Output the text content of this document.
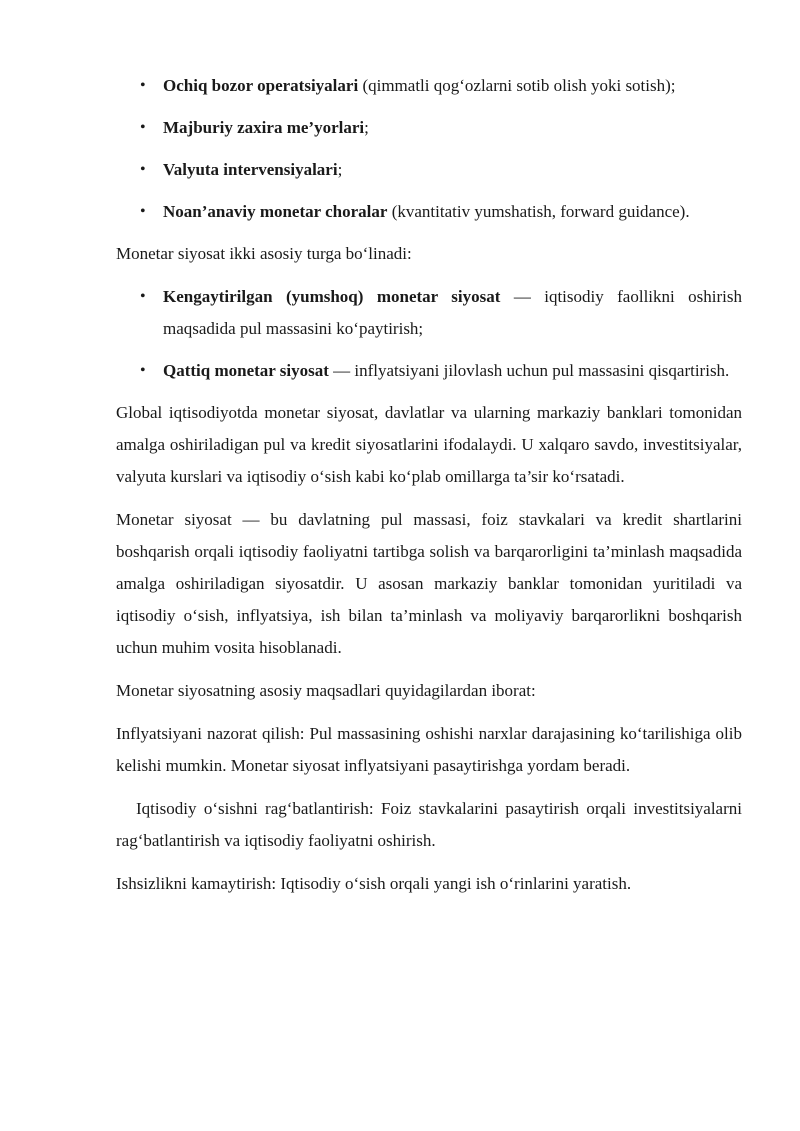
• Ochiq bozor operatsiyalari (qimmatli qog‘ozlarni sotib olish yoki sotish);
• Majburiy zaxira me’yorlari;
• Valyuta intervensiyalari;
• Noan’anaviy monetar choralar (kvantitativ yumshatish, forward guidance).

Monetar siyosat ikki asosiy turga bo‘linadi:

• Kengaytirilgan (yumshoq) monetar siyosat — iqtisodiy faollikni oshirish maqsadida pul massasini ko‘paytirish;
• Qattiq monetar siyosat — inflyatsiyani jilovlash uchun pul massasini qisqartirish.

Global iqtisodiyotda monetar siyosat, davlatlar va ularning markaziy banklari tomonidan amalga oshiriladigan pul va kredit siyosatlarini ifodalaydi. U xalqaro savdo, investitsiyalar, valyuta kurslari va iqtisodiy o‘sish kabi ko‘plab omillarga ta’sir ko‘rsatadi.

Monetar siyosat — bu davlatning pul massasi, foiz stavkalari va kredit shartlarini boshqarish orqali iqtisodiy faoliyatni tartibga solish va barqarorligini ta’minlash maqsadida amalga oshiriladigan siyosatdir. U asosan markaziy banklar tomonidan yuritiladi va iqtisodiy o‘sish, inflyatsiya, ish bilan ta’minlash va moliyaviy barqarorlikni boshqarish uchun muhim vosita hisoblanadi.

Monetar siyosatning asosiy maqsadlari quyidagilardan iborat:

Inflyatsiyani nazorat qilish: Pul massasining oshishi narxlar darajasining ko‘tarilishiga olib kelishi mumkin. Monetar siyosat inflyatsiyani pasaytirishga yordam beradi.

Iqtisodiy o‘sishni rag‘batlantirish: Foiz stavkalarini pasaytirish orqali investitsiyalarni rag‘batlantirish va iqtisodiy faoliyatni oshirish.

Ishsizlikni kamaytirish: Iqtisodiy o‘sish orqali yangi ish o‘rinlarini yaratish.
